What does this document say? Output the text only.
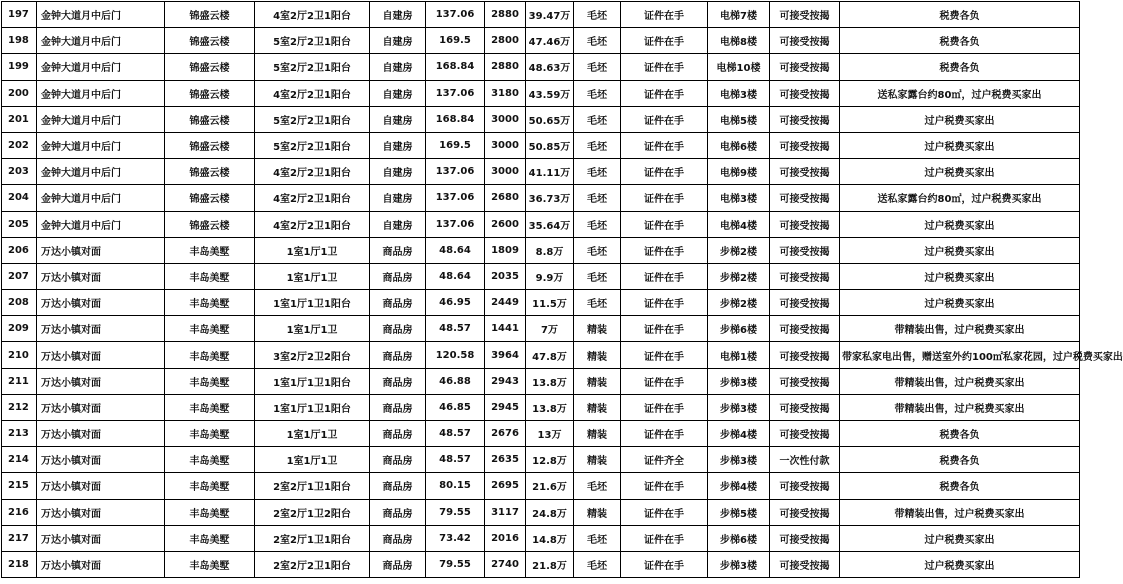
197	金钟大道月中后门	锦盛云楼	4室2厅2卫1阳台	自建房	137.06	2880	39.47万	毛坯	证件在手	电梯7楼	可接受按揭	税费各负
198	金钟大道月中后门	锦盛云楼	5室2厅2卫1阳台	自建房	169.5	2800	47.46万	毛坯	证件在手	电梯8楼	可接受按揭	税费各负
199	金钟大道月中后门	锦盛云楼	5室2厅2卫1阳台	自建房	168.84	2880	48.63万	毛坯	证件在手	电梯10楼	可接受按揭	税费各负
200	金钟大道月中后门	锦盛云楼	4室2厅2卫1阳台	自建房	137.06	3180	43.59万	毛坯	证件在手	电梯3楼	可接受按揭	送私家露台约80㎡，过户税费买家出
201	金钟大道月中后门	锦盛云楼	5室2厅2卫1阳台	自建房	168.84	3000	50.65万	毛坯	证件在手	电梯5楼	可接受按揭	过户税费买家出
202	金钟大道月中后门	锦盛云楼	5室2厅2卫1阳台	自建房	169.5	3000	50.85万	毛坯	证件在手	电梯6楼	可接受按揭	过户税费买家出
203	金钟大道月中后门	锦盛云楼	4室2厅2卫1阳台	自建房	137.06	3000	41.11万	毛坯	证件在手	电梯9楼	可接受按揭	过户税费买家出
204	金钟大道月中后门	锦盛云楼	4室2厅2卫1阳台	自建房	137.06	2680	36.73万	毛坯	证件在手	电梯3楼	可接受按揭	送私家露台约80㎡，过户税费买家出
205	金钟大道月中后门	锦盛云楼	4室2厅2卫1阳台	自建房	137.06	2600	35.64万	毛坯	证件在手	电梯4楼	可接受按揭	过户税费买家出
206	万达小镇对面	丰岛美墅	1室1厅1卫	商品房	48.64	1809	8.8万	毛坯	证件在手	步梯2楼	可接受按揭	过户税费买家出
207	万达小镇对面	丰岛美墅	1室1厅1卫	商品房	48.64	2035	9.9万	毛坯	证件在手	步梯2楼	可接受按揭	过户税费买家出
208	万达小镇对面	丰岛美墅	1室1厅1卫1阳台	商品房	46.95	2449	11.5万	毛坯	证件在手	步梯2楼	可接受按揭	过户税费买家出
209	万达小镇对面	丰岛美墅	1室1厅1卫	商品房	48.57	1441	7万	精装	证件在手	步梯6楼	可接受按揭	带精装出售，过户税费买家出
210	万达小镇对面	丰岛美墅	3室2厅2卫2阳台	商品房	120.58	3964	47.8万	精装	证件在手	电梯1楼	可接受按揭	带家私家电出售，赠送室外约100㎡私家花园，过户税费买家出
211	万达小镇对面	丰岛美墅	1室1厅1卫1阳台	商品房	46.88	2943	13.8万	精装	证件在手	步梯3楼	可接受按揭	带精装出售，过户税费买家出
212	万达小镇对面	丰岛美墅	1室1厅1卫1阳台	商品房	46.85	2945	13.8万	精装	证件在手	步梯3楼	可接受按揭	带精装出售，过户税费买家出
213	万达小镇对面	丰岛美墅	1室1厅1卫	商品房	48.57	2676	13万	精装	证件在手	步梯4楼	可接受按揭	税费各负
214	万达小镇对面	丰岛美墅	1室1厅1卫	商品房	48.57	2635	12.8万	精装	证件齐全	步梯3楼	一次性付款	税费各负
215	万达小镇对面	丰岛美墅	2室2厅1卫1阳台	商品房	80.15	2695	21.6万	毛坯	证件在手	步梯4楼	可接受按揭	税费各负
216	万达小镇对面	丰岛美墅	2室2厅1卫2阳台	商品房	79.55	3117	24.8万	精装	证件在手	步梯5楼	可接受按揭	带精装出售，过户税费买家出
217	万达小镇对面	丰岛美墅	2室2厅1卫1阳台	商品房	73.42	2016	14.8万	毛坯	证件在手	步梯6楼	可接受按揭	过户税费买家出
218	万达小镇对面	丰岛美墅	2室2厅2卫1阳台	商品房	79.55	2740	21.8万	毛坯	证件在手	步梯3楼	可接受按揭	过户税费买家出
